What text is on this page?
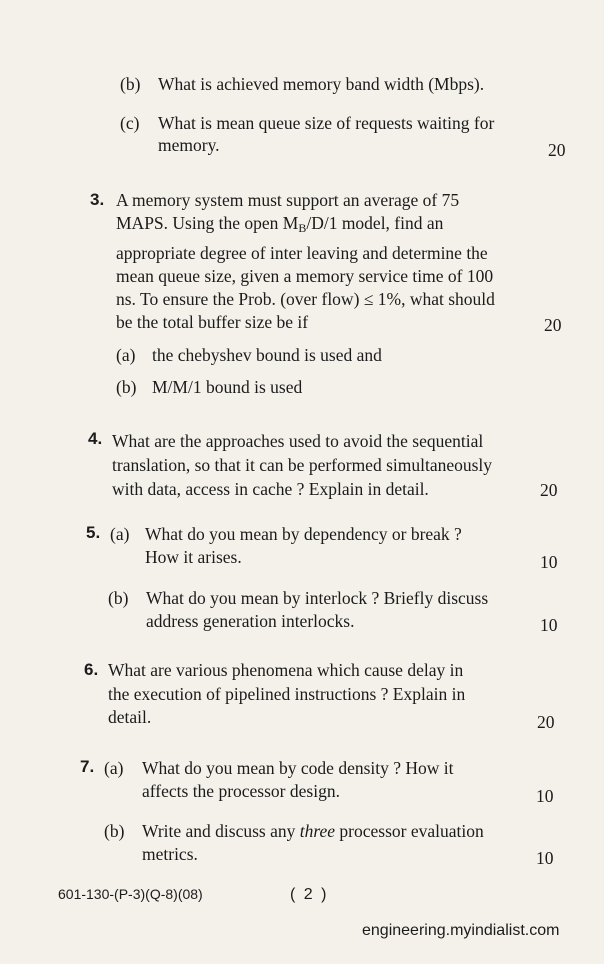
(b) What is achieved memory band width (Mbps).
(c) What is mean queue size of requests waiting for
memory.	20
3. A memory system must support an average of 75
MAPS. Using the open $M_B/D/1$ model, find an
appropriate degree of inter leaving and determine the
mean queue size, given a memory service time of 100
ns. To ensure the Prob. (over flow) ≤ 1%, what should
be the total buffer size be if	20
(a) the chebyshev bound is used and
(b) M/M/1 bound is used
4. What are the approaches used to avoid the sequential
translation, so that it can be performed simultaneously
with data, access in cache ? Explain in detail.	20
5. (a) What do you mean by dependency or break ?
How it arises.	10
(b) What do you mean by interlock ? Briefly discuss
address generation interlocks.	10
6. What are various phenomena which cause delay in
the execution of pipelined instructions ? Explain in
detail.	20
7. (a) What do you mean by code density ? How it
affects the processor design.	10
(b) Write and discuss any three processor evaluation
metrics.	10
601-130-(P-3)(Q-8)(08)	( 2 )
engineering.myindialist.com
